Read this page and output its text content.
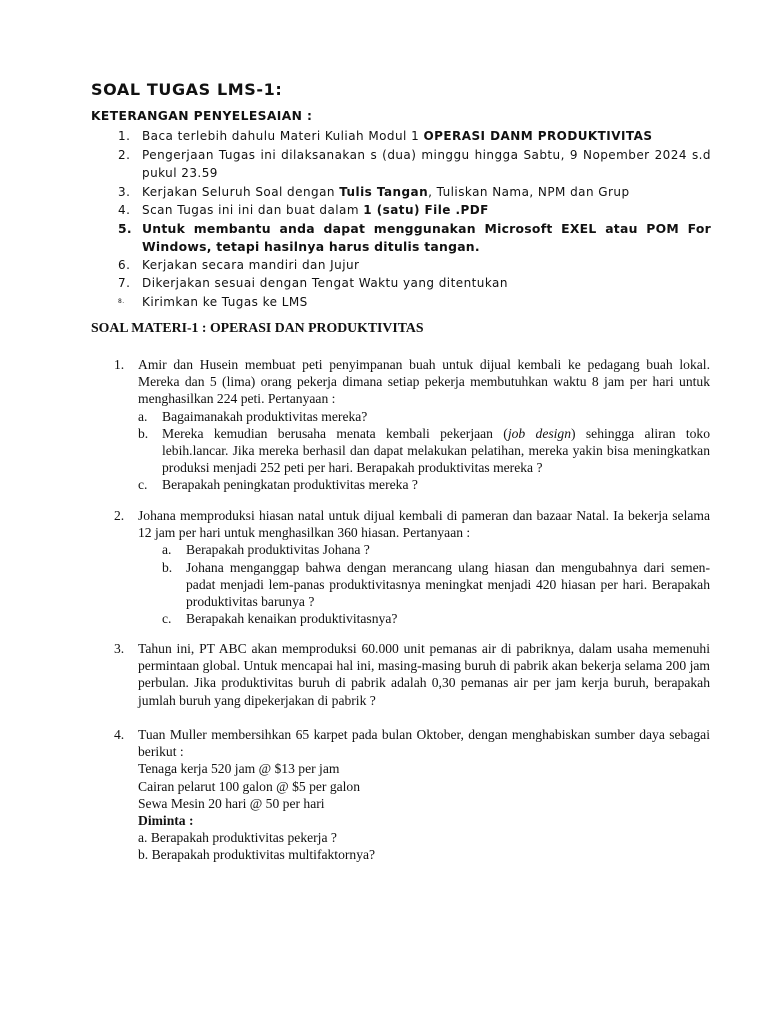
SOAL TUGAS LMS-1:
KETERANGAN PENYELESAIAN :
1. Baca terlebih dahulu Materi Kuliah Modul 1 OPERASI DANM PRODUKTIVITAS
2. Pengerjaan Tugas ini dilaksanakan s (dua) minggu hingga Sabtu, 9 Nopember 2024 s.d pukul 23.59
3. Kerjakan Seluruh Soal dengan Tulis Tangan, Tuliskan Nama, NPM dan Grup
4. Scan Tugas ini ini dan buat dalam 1 (satu) File .PDF
5. Untuk membantu anda dapat menggunakan Microsoft EXEL atau POM For Windows, tetapi hasilnya harus ditulis tangan.
6. Kerjakan secara mandiri dan Jujur
7. Dikerjakan sesuai dengan Tengat Waktu yang ditentukan
8. Kirimkan ke Tugas ke LMS
SOAL MATERI-1 : OPERASI DAN PRODUKTIVITAS
1. Amir dan Husein membuat peti penyimpanan buah untuk dijual kembali ke pedagang buah lokal. Mereka dan 5 (lima) orang pekerja dimana setiap pekerja membutuhkan waktu 8 jam per hari untuk menghasilkan 224 peti. Pertanyaan :
a. Bagaimanakah produktivitas mereka?
b. Mereka kemudian berusaha menata kembali pekerjaan (job design) sehingga aliran toko lebih.lancar. Jika mereka berhasil dan dapat melakukan pelatihan, mereka yakin bisa meningkatkan produksi menjadi 252 peti per hari. Berapakah produktivitas mereka ?
c. Berapakah peningkatan produktivitas mereka ?
2. Johana memproduksi hiasan natal untuk dijual kembali di pameran dan bazaar Natal. Ia bekerja selama 12 jam per hari untuk menghasilkan 360 hiasan. Pertanyaan :
a. Berapakah produktivitas Johana ?
b. Johana menganggap bahwa dengan merancang ulang hiasan dan mengubahnya dari semen-padat menjadi lem-panas produktivitasnya meningkat menjadi 420 hiasan per hari. Berapakah produktivitas barunya ?
c. Berapakah kenaikan produktivitasnya?
3. Tahun ini, PT ABC akan memproduksi 60.000 unit pemanas air di pabriknya, dalam usaha memenuhi permintaan global. Untuk mencapai hal ini, masing-masing buruh di pabrik akan bekerja selama 200 jam perbulan. Jika produktivitas buruh di pabrik adalah 0,30 pemanas air per jam kerja buruh, berapakah jumlah buruh yang dipekerjakan di pabrik ?
4. Tuan Muller membersihkan 65 karpet pada bulan Oktober, dengan menghabiskan sumber daya sebagai berikut :
Tenaga kerja 520 jam @ $13 per jam
Cairan pelarut 100 galon @ $5 per galon
Sewa Mesin 20 hari @ 50 per hari
Diminta :
a. Berapakah produktivitas pekerja ?
b. Berapakah produktivitas multifaktornya?
